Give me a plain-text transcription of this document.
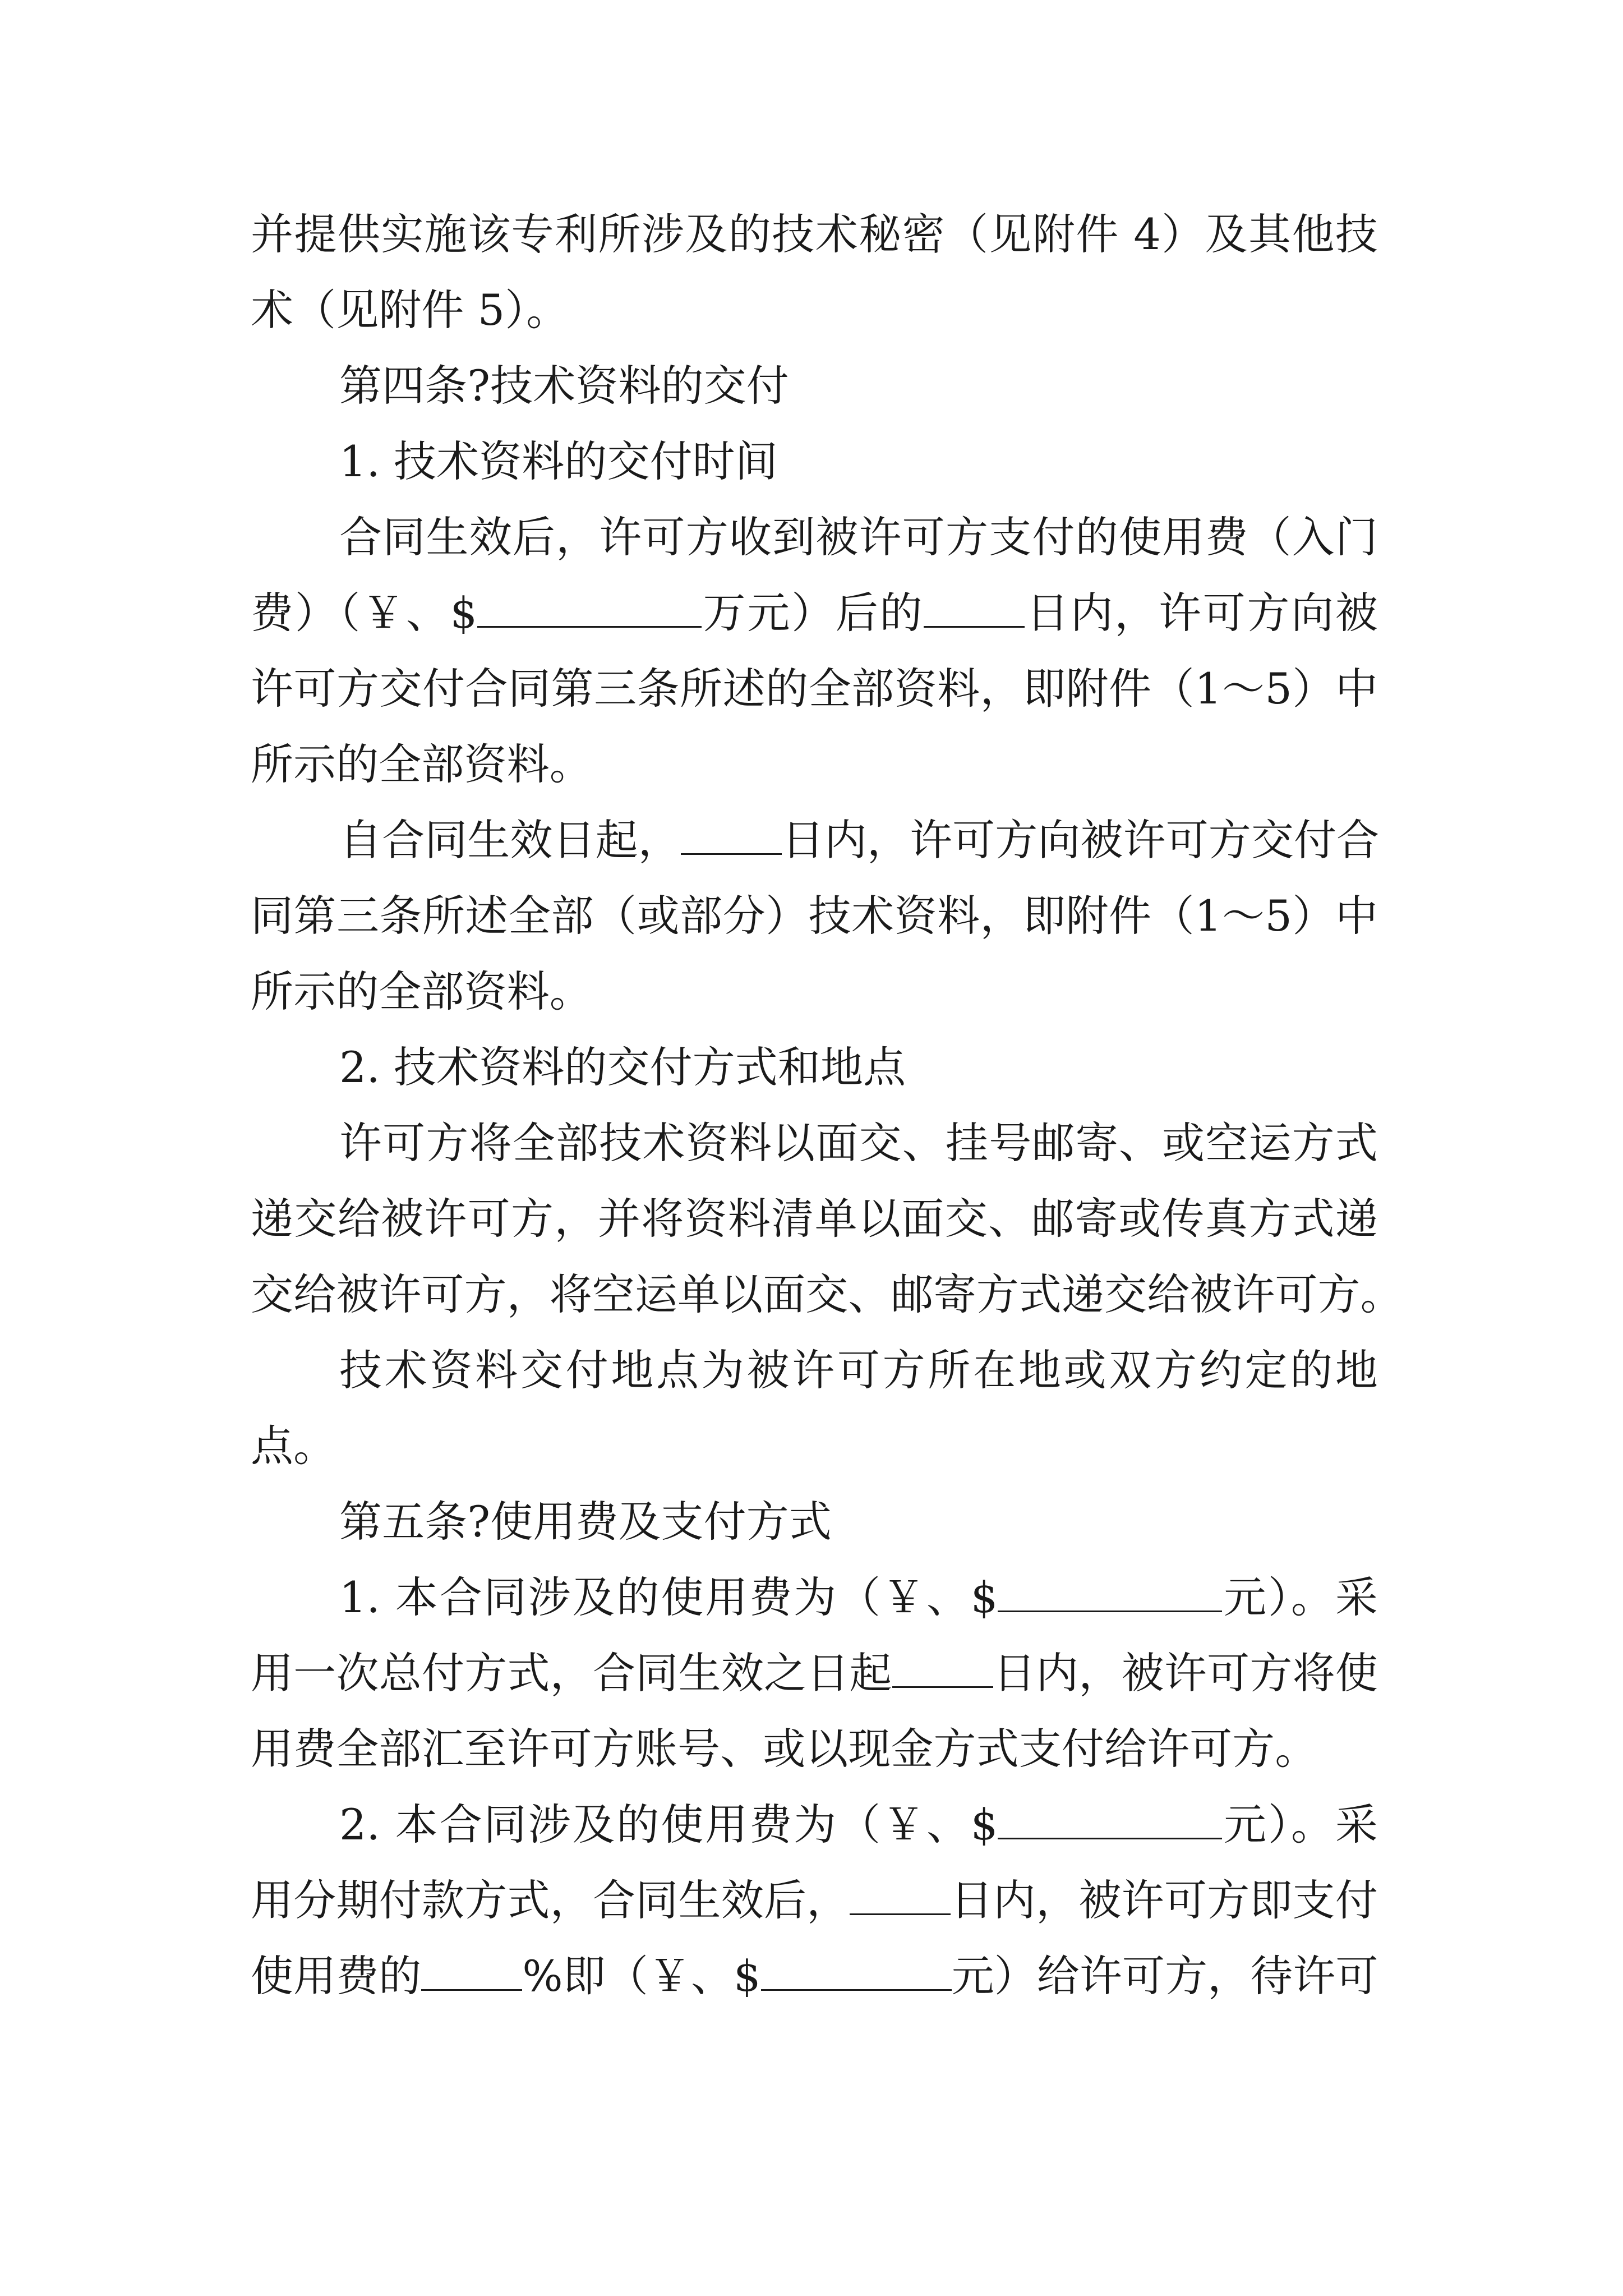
并提供实施该专利所涉及的技术秘密（见附件 4）及其他技
术（见附件 5）。
第四条?技术资料的交付
1. 技术资料的交付时间
合同生效后，许可方收到被许可方支付的使用费（入门
费）（￥、$	万元）后的 日内，许可方向被
许可方交付合同第三条所述的全部资料，即附件（1～5）中
所示的全部资料。
自合同生效日起， 日内，许可方向被许可方交付合
同第三条所述全部（或部分）技术资料，即附件（1～5）中
所示的全部资料。
2. 技术资料的交付方式和地点
许可方将全部技术资料以面交、挂号邮寄、或空运方式
递交给被许可方，并将资料清单以面交、邮寄或传真方式递
交给被许可方，将空运单以面交、邮寄方式递交给被许可方。
技术资料交付地点为被许可方所在地或双方约定的地
点。
第五条?使用费及支付方式
1. 本合同涉及的使用费为（￥、$	元）。采
用一次总付方式，合同生效之日起 日内，被许可方将使
用费全部汇至许可方账号、或以现金方式支付给许可方。
2. 本合同涉及的使用费为（￥、$	元）。采
用分期付款方式，合同生效后， 日内，被许可方即支付
使用费的 %即（￥、$	元）给许可方，待许可
